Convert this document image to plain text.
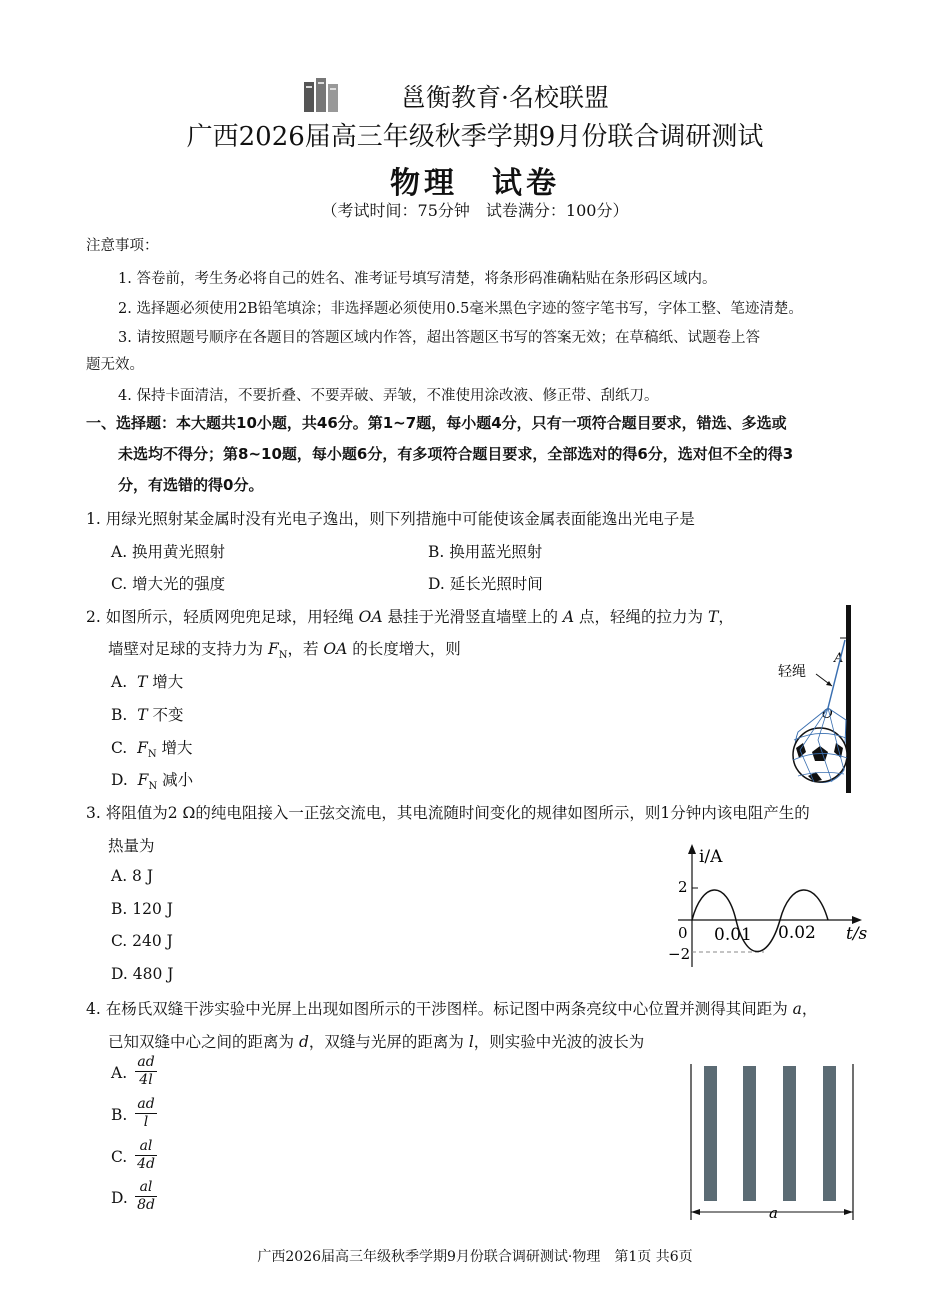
邕衡教育·名校联盟
广西2026届高三年级秋季学期9月份联合调研测试
物理　试卷
（考试时间：75分钟　试卷满分：100分）
注意事项：
1. 答卷前，考生务必将自己的姓名、准考证号填写清楚，将条形码准确粘贴在条形码区域内。
2. 选择题必须使用2B铅笔填涂；非选择题必须使用0.5毫米黑色字迹的签字笔书写，字体工整、笔迹清楚。
3. 请按照题号顺序在各题目的答题区域内作答，超出答题区书写的答案无效；在草稿纸、试题卷上答
题无效。
4. 保持卡面清洁，不要折叠、不要弄破、弄皱，不准使用涂改液、修正带、刮纸刀。
一、选择题：本大题共10小题，共46分。第1~7题，每小题4分，只有一项符合题目要求，错选、多选或
未选均不得分；第8~10题，每小题6分，有多项符合题目要求，全部选对的得6分，选对但不全的得3
分，有选错的得0分。
1. 用绿光照射某金属时没有光电子逸出，则下列措施中可能使该金属表面能逸出光电子是
A. 换用黄光照射	B. 换用蓝光照射
C. 增大光的强度	D. 延长光照时间
2. 如图所示，轻质网兜兜足球，用轻绳 OA 悬挂于光滑竖直墙壁上的 A 点，轻绳的拉力为 T，
墙壁对足球的支持力为 $F_N$，若 OA 的长度增大，则
A. T 增大
B. T 不变
C. $F_N$ 增大
D. $F_N$ 减小
A
轻绳
O
3. 将阻值为2 Ω的纯电阻接入一正弦交流电，其电流随时间变化的规律如图所示，则1分钟内该电阻产生的
热量为
A. 8 J
B. 120 J
C. 240 J
D. 480 J
i/A
t/s
2
−2
0 0.01 0.02
4. 在杨氏双缝干涉实验中光屏上出现如图所示的干涉图样。标记图中两条亮纹中心位置并测得其间距为 a，
已知双缝中心之间的距离为 d，双缝与光屏的距离为 l，则实验中光波的波长为
A. $\frac{ad}{4l}$
B. $\frac{ad}{l}$
C. $\frac{al}{4d}$
D. $\frac{al}{8d}$	a
广西2026届高三年级秋季学期9月份联合调研测试·物理　第1页 共6页
